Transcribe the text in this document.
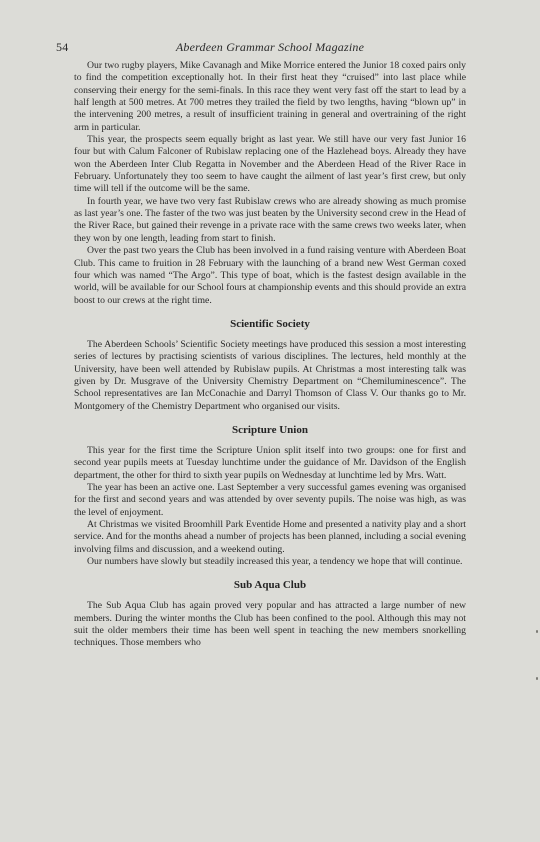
54	Aberdeen Grammar School Magazine

Our two rugby players, Mike Cavanagh and Mike Morrice entered the Junior 18 coxed pairs only to find the competition exceptionally hot. In their first heat they “cruised” into last place while conserving their energy for the semi-finals. In this race they went very fast off the start to lead by a half length at 500 metres. At 700 metres they trailed the field by two lengths, having “blown up” in the intervening 200 metres, a result of insufficient training in general and overtraining of the right arm in particular.

This year, the prospects seem equally bright as last year. We still have our very fast Junior 16 four but with Calum Falconer of Rubislaw replacing one of the Hazlehead boys. Already they have won the Aberdeen Inter Club Regatta in November and the Aberdeen Head of the River Race in February. Unfortunately they too seem to have caught the ailment of last year’s first crew, but only time will tell if the outcome will be the same.

In fourth year, we have two very fast Rubislaw crews who are already showing as much promise as last year’s one. The faster of the two was just beaten by the University second crew in the Head of the River Race, but gained their revenge in a private race with the same crews two weeks later, when they won by one length, leading from start to finish.

Over the past two years the Club has been involved in a fund raising venture with Aberdeen Boat Club. This came to fruition in 28 February with the launching of a brand new West German coxed four which was named “The Argo”. This type of boat, which is the fastest design available in the world, will be available for our School fours at championship events and this should provide an extra boost to our crews at the right time.

Scientific Society

The Aberdeen Schools’ Scientific Society meetings have produced this session a most interesting series of lectures by practising scientists of various disciplines. The lectures, held monthly at the University, have been well attended by Rubislaw pupils. At Christmas a most interesting talk was given by Dr. Musgrave of the University Chemistry Department on “Chemiluminescence”. The School representatives are Ian McConachie and Darryl Thomson of Class V. Our thanks go to Mr. Montgomery of the Chemistry Department who organised our visits.

Scripture Union

This year for the first time the Scripture Union split itself into two groups: one for first and second year pupils meets at Tuesday lunchtime under the guidance of Mr. Davidson of the English department, the other for third to sixth year pupils on Wednesday at lunchtime led by Mrs. Watt.

The year has been an active one. Last September a very successful games evening was organised for the first and second years and was attended by over seventy pupils. The noise was high, as was the level of enjoyment.

At Christmas we visited Broomhill Park Eventide Home and presented a nativity play and a short service. And for the months ahead a number of projects has been planned, including a social evening involving films and discussion, and a weekend outing.

Our numbers have slowly but steadily increased this year, a tendency we hope that will continue.

Sub Aqua Club

The Sub Aqua Club has again proved very popular and has attracted a large number of new members. During the winter months the Club has been confined to the pool. Although this may not suit the older members their time has been well spent in teaching the new members snorkelling techniques. Those members who
